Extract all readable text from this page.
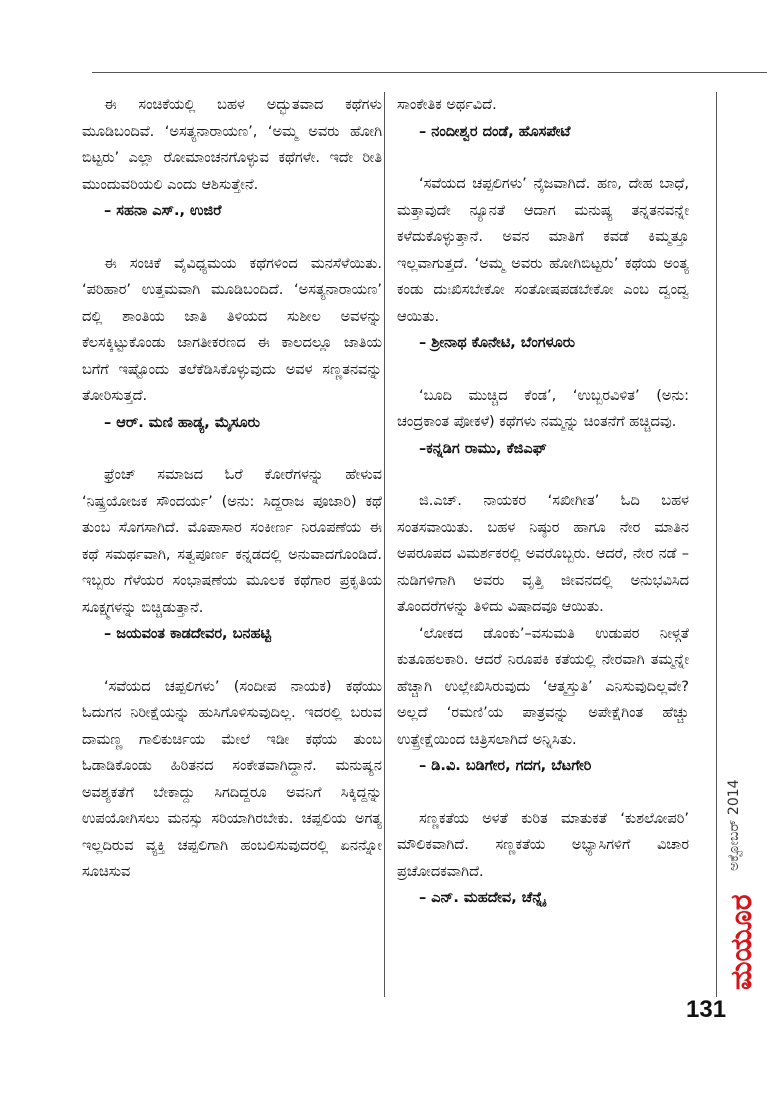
ಈ ಸಂಚಿಕೆಯಲ್ಲಿ ಬಹಳ ಅದ್ಭುತವಾದ ಕಥೆಗಳು ಮೂಡಿಬಂದಿವೆ. ‘ಅಸತ್ಯನಾರಾಯಣ’, ‘ಅಮ್ಮ ಅವರು ಹೋಗಿ ಬಿಟ್ಟರು’ ಎಲ್ಲಾ ರೋಮಾಂಚನಗೊಳ್ಳುವ ಕಥೆಗಳೇ. ಇದೇ ರೀತಿ ಮುಂದುವರಿಯಲಿ ಎಂದು ಆಶಿಸುತ್ತೇನೆ.

– ಸಹನಾ ಎಸ್., ಉಜಿರೆ

ಈ ಸಂಚಿಕೆ ವೈವಿಧ್ಯಮಯ ಕಥೆಗಳಿಂದ ಮನಸೆಳೆಯಿತು. ‘ಪರಿಹಾರ’ ಉತ್ತಮವಾಗಿ ಮೂಡಿಬಂದಿದೆ. ‘ಅಸತ್ಯನಾರಾಯಣ’ ದಲ್ಲಿ ಶಾಂತಿಯ ಜಾತಿ ತಿಳಿಯದ ಸುಶೀಲ ಅವಳನ್ನು ಕೆಲಸಕ್ಕಿಟ್ಟುಕೊಂಡು ಜಾಗತೀಕರಣದ ಈ ಕಾಲದಲ್ಲೂ ಜಾತಿಯ ಬಗೆಗೆ ಇಷ್ಟೊಂದು ತಲೆಕೆಡಿಸಿಕೊಳ್ಳುವುದು ಅವಳ ಸಣ್ಣತನವನ್ನು ತೋರಿಸುತ್ತದೆ.

– ಆರ್. ಮಣಿ ಹಾಡ್ಯ, ಮೈಸೂರು

ಫ್ರೆಂಚ್ ಸಮಾಜದ ಓರೆ ಕೋರೆಗಳನ್ನು ಹೇಳುವ ‘ನಿಷ್ಪ್ರಯೋಜಕ ಸೌಂದರ್ಯ’ (ಅನು: ಸಿದ್ದರಾಜ ಪೂಜಾರಿ) ಕಥೆ ತುಂಬ ಸೊಗಸಾಗಿದೆ. ಮೊಪಾಸಾರ ಸಂಕೀರ್ಣ ನಿರೂಪಣೆಯ ಈ ಕಥೆ ಸಮರ್ಥವಾಗಿ, ಸತ್ವಪೂರ್ಣ ಕನ್ನಡದಲ್ಲಿ ಅನುವಾದಗೊಂಡಿದೆ. ಇಬ್ಬರು ಗೆಳೆಯರ ಸಂಭಾಷಣೆಯ ಮೂಲಕ ಕಥೆಗಾರ ಪ್ರಕೃತಿಯ ಸೂಕ್ಷ್ಮಗಳನ್ನು ಬಿಚ್ಚಿಡುತ್ತಾನೆ.

– ಜಯವಂತ ಕಾಡದೇವರ, ಬನಹಟ್ಟಿ

‘ಸವೆಯದ ಚಪ್ಪಲಿಗಳು’ (ಸಂದೀಪ ನಾಯಕ) ಕಥೆಯು ಓದುಗನ ನಿರೀಕ್ಷೆಯನ್ನು ಹುಸಿಗೊಳಿಸುವುದಿಲ್ಲ. ಇದರಲ್ಲಿ ಬರುವ ದಾಮಣ್ಣ ಗಾಲಿಕುರ್ಚಿಯ ಮೇಲೆ ಇಡೀ ಕಥೆಯ ತುಂಬ ಓಡಾಡಿಕೊಂಡು ಹಿರಿತನದ ಸಂಕೇತವಾಗಿದ್ದಾನೆ. ಮನುಷ್ಯನ ಅವಶ್ಯಕತೆಗೆ ಬೇಕಾದ್ದು ಸಿಗದಿದ್ದರೂ ಅವನಿಗೆ ಸಿಕ್ಕಿದ್ದನ್ನು ಉಪಯೋಗಿಸಲು ಮನಸ್ಸು ಸರಿಯಾಗಿರಬೇಕು. ಚಪ್ಪಲಿಯ ಅಗತ್ಯ ಇಲ್ಲದಿರುವ ವ್ಯಕ್ತಿ ಚಪ್ಪಲಿಗಾಗಿ ಹಂಬಲಿಸುವುದರಲ್ಲಿ ಏನನ್ನೋ ಸೂಚಿಸುವ

ಸಾಂಕೇತಿಕ ಅರ್ಥವಿದೆ.

– ನಂದೀಶ್ವರ ದಂಡೆ, ಹೊಸಪೇಟೆ

‘ಸವೆಯದ ಚಪ್ಪಲಿಗಳು’ ನೈಜವಾಗಿದೆ. ಹಣ, ದೇಹ ಬಾಧೆ, ಮತ್ತಾವುದೇ ನ್ಯೂನತೆ ಆದಾಗ ಮನುಷ್ಯ ತನ್ನತನವನ್ನೇ ಕಳೆದುಕೊಳ್ಳುತ್ತಾನೆ. ಅವನ ಮಾತಿಗೆ ಕವಡೆ ಕಿಮ್ಮತ್ತೂ ಇಲ್ಲವಾಗುತ್ತದೆ. ‘ಅಮ್ಮ ಅವರು ಹೋಗಿಬಿಟ್ಟರು’ ಕಥೆಯ ಅಂತ್ಯ ಕಂಡು ದುಃಖಿಸಬೇಕೋ ಸಂತೋಷಪಡಬೇಕೋ ಎಂಬ ದ್ವಂದ್ವ ಆಯಿತು.

– ಶ್ರೀನಾಥ ಕೊನೇಟಿ, ಬೆಂಗಳೂರು

‘ಬೂದಿ ಮುಚ್ಚಿದ ಕೆಂಡ’, ‘ಉಬ್ಬರವಿಳಿತ’ (ಅನು: ಚಂದ್ರಕಾಂತ ಪೋಕಳೆ) ಕಥೆಗಳು ನಮ್ಮನ್ನು ಚಿಂತನೆಗೆ ಹಚ್ಚಿದವು.

–ಕನ್ನಡಿಗ ರಾಮು, ಕೆಜಿಎಫ್

ಜಿ.ಎಚ್. ನಾಯಕರ ‘ಸಖೀಗೀತ’ ಓದಿ ಬಹಳ ಸಂತಸವಾಯಿತು. ಬಹಳ ನಿಷ್ಠುರ ಹಾಗೂ ನೇರ ಮಾತಿನ ಅಪರೂಪದ ವಿಮರ್ಶಕರಲ್ಲಿ ಅವರೊಬ್ಬರು. ಆದರೆ, ನೇರ ನಡೆ – ನುಡಿಗಳಿಗಾಗಿ ಅವರು ವೃತ್ತಿ ಜೀವನದಲ್ಲಿ ಅನುಭವಿಸಿದ ತೊಂದರೆಗಳನ್ನು ತಿಳಿದು ವಿಷಾದವೂ ಆಯಿತು.

‘ಲೋಕದ ಡೊಂಕು’–ವಸುಮತಿ ಉಡುಪರ ನೀಳ್ಗತೆ ಕುತೂಹಲಕಾರಿ. ಆದರೆ ನಿರೂಪಕಿ ಕತೆಯಲ್ಲಿ ನೇರವಾಗಿ ತಮ್ಮನ್ನೇ ಹೆಚ್ಚಾಗಿ ಉಲ್ಲೇಖಿಸಿರುವುದು ‘ಆತ್ಮಸ್ತುತಿ’ ಎನಿಸುವುದಿಲ್ಲವೇ? ಅಲ್ಲದೆ ‘ರಮಣಿ’ಯ ಪಾತ್ರವನ್ನು ಅಪೇಕ್ಷೆಗಿಂತ ಹೆಚ್ಚು ಉತ್ಪ್ರೇಕ್ಷೆಯಿಂದ ಚಿತ್ರಿಸಲಾಗಿದೆ ಅನ್ನಿಸಿತು.

– ಡಿ.ವಿ. ಬಡಿಗೇರ, ಗದಗ, ಬೆಟಗೇರಿ

ಸಣ್ಣಕತೆಯ ಅಳತೆ ಕುರಿತ ಮಾತುಕತೆ ‘ಕುಶಲೋಪರಿ’ ಮೌಲಿಕವಾಗಿದೆ. ಸಣ್ಣಕತೆಯ ಅಭ್ಯಾಸಿಗಳಿಗೆ ವಿಚಾರ ಪ್ರಚೋದಕವಾಗಿದೆ.

– ಎನ್. ಮಹದೇವ, ಚೆನ್ನೈ

ಅಕ್ಟೋಬರ್ 2014
ಮಯೂರ
131
